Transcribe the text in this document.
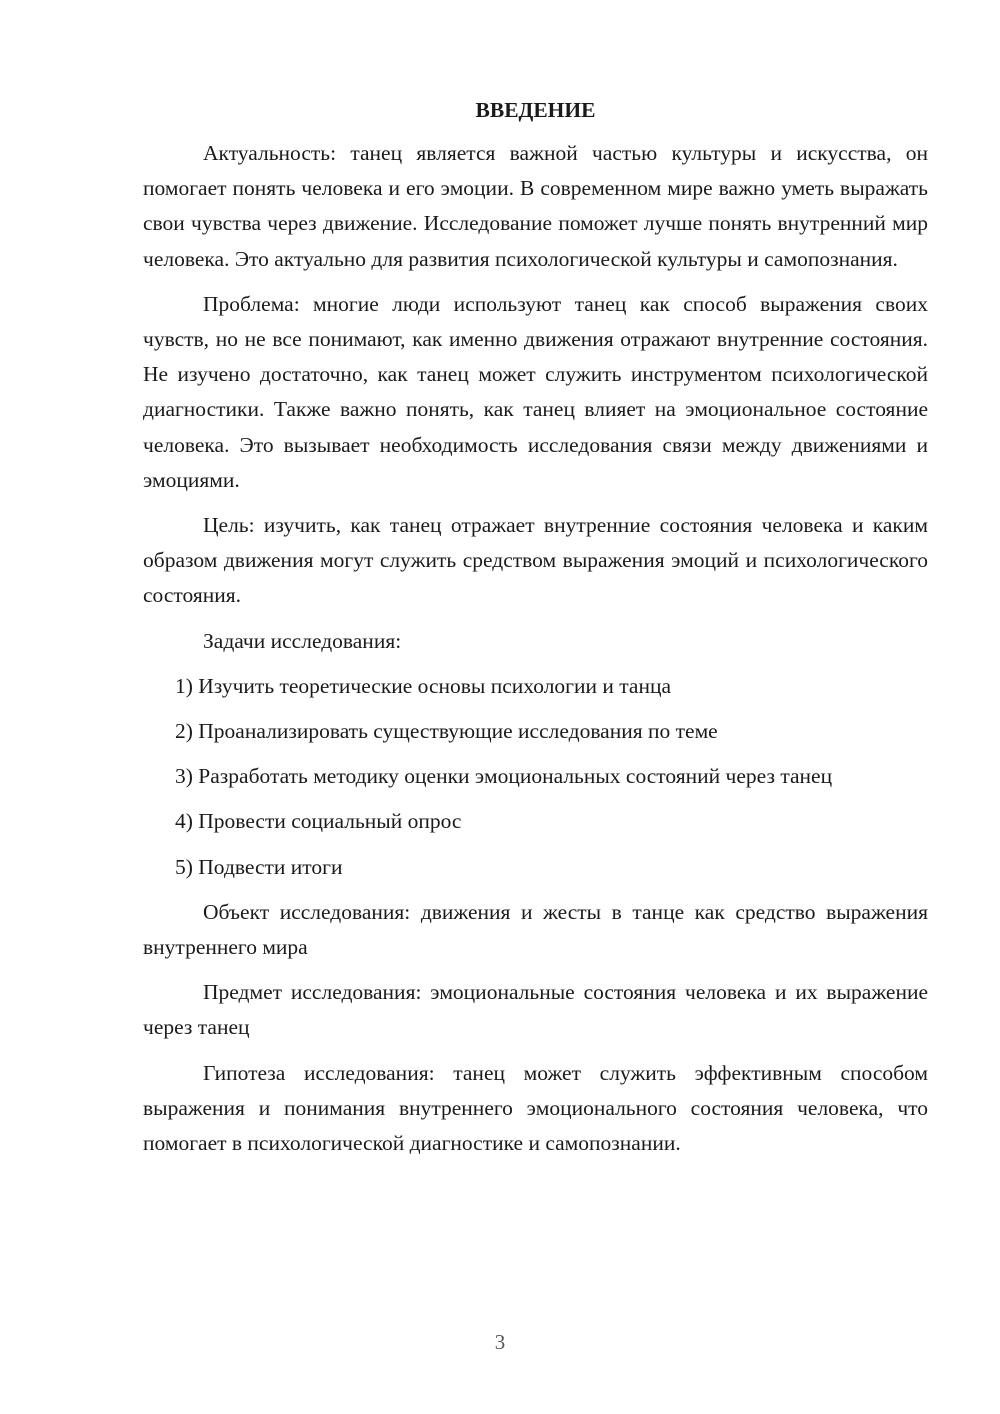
ВВЕДЕНИЕ

Актуальность: танец является важной частью культуры и искусства, он помогает понять человека и его эмоции. В современном мире важно уметь выражать свои чувства через движение. Исследование поможет лучше понять внутренний мир человека. Это актуально для развития психологической культуры и самопознания.

Проблема: многие люди используют танец как способ выражения своих чувств, но не все понимают, как именно движения отражают внутренние состояния. Не изучено достаточно, как танец может служить инструментом психологической диагностики. Также важно понять, как танец влияет на эмоциональное состояние человека. Это вызывает необходимость исследования связи между движениями и эмоциями.

Цель: изучить, как танец отражает внутренние состояния человека и каким образом движения могут служить средством выражения эмоций и психологического состояния.

Задачи исследования:

1) Изучить теоретические основы психологии и танца

2) Проанализировать существующие исследования по теме

3) Разработать методику оценки эмоциональных состояний через танец

4) Провести социальный опрос

5) Подвести итоги

Объект исследования: движения и жесты в танце как средство выражения внутреннего мира

Предмет исследования: эмоциональные состояния человека и их выражение через танец

Гипотеза исследования: танец может служить эффективным способом выражения и понимания внутреннего эмоционального состояния человека, что помогает в психологической диагностике и самопознании.

3
